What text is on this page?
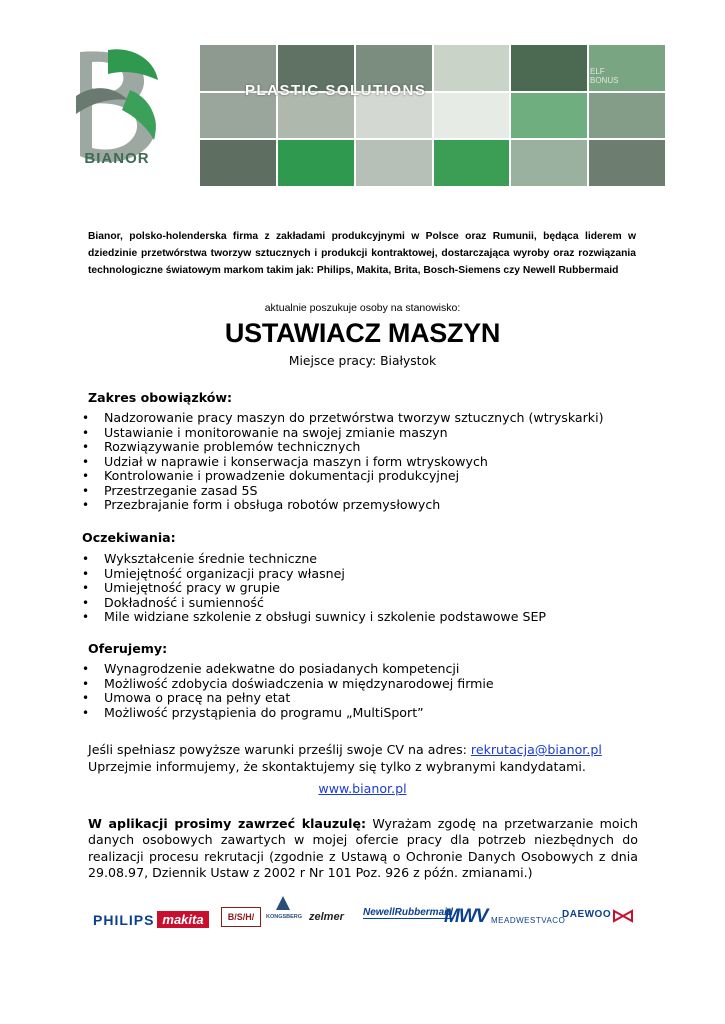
BIANOR
PLASTIC SOLUTIONS
ELF
BONUS
Bianor, polsko-holenderska firma z zakładami produkcyjnymi w Polsce oraz Rumunii, będąca liderem w dziedzinie przetwórstwa tworzyw sztucznych i produkcji kontraktowej, dostarczająca wyroby oraz rozwiązania technologiczne światowym markom takim jak: Philips, Makita, Brita, Bosch-Siemens czy Newell Rubbermaid
aktualnie poszukuje osoby na stanowisko:
USTAWIACZ MASZYN
Miejsce pracy: Białystok
Zakres obowiązków:
• Nadzorowanie pracy maszyn do przetwórstwa tworzyw sztucznych (wtryskarki)
• Ustawianie i monitorowanie na swojej zmianie maszyn
• Rozwiązywanie problemów technicznych
• Udział w naprawie i konserwacja maszyn i form wtryskowych
• Kontrolowanie i prowadzenie dokumentacji produkcyjnej
• Przestrzeganie zasad 5S
• Przezbrajanie form i obsługa robotów przemysłowych
Oczekiwania:
• Wykształcenie średnie techniczne
• Umiejętność organizacji pracy własnej
• Umiejętność pracy w grupie
• Dokładność i sumienność
• Mile widziane szkolenie z obsługi suwnicy i szkolenie podstawowe SEP
Oferujemy:
• Wynagrodzenie adekwatne do posiadanych kompetencji
• Możliwość zdobycia doświadczenia w międzynarodowej firmie
• Umowa o pracę na pełny etat
• Możliwość przystąpienia do programu „MultiSport”
Jeśli spełniasz powyższe warunki prześlij swoje CV na adres: rekrutacja@bianor.pl
Uprzejmie informujemy, że skontaktujemy się tylko z wybranymi kandydatami.
www.bianor.pl
W aplikacji prosimy zawrzeć klauzulę: Wyrażam zgodę na przetwarzanie moich danych osobowych zawartych w mojej ofercie pracy dla potrzeb niezbędnych do realizacji procesu rekrutacji (zgodnie z Ustawą o Ochronie Danych Osobowych z dnia 29.08.97, Dziennik Ustaw z 2002 r Nr 101 Poz. 926 z późn. zmianami.)
PHILIPS makita	B/S/H/	KONGSBERG zelmer NewellRubbermaid
MWV MEADWESTVACO
DAEWOO
